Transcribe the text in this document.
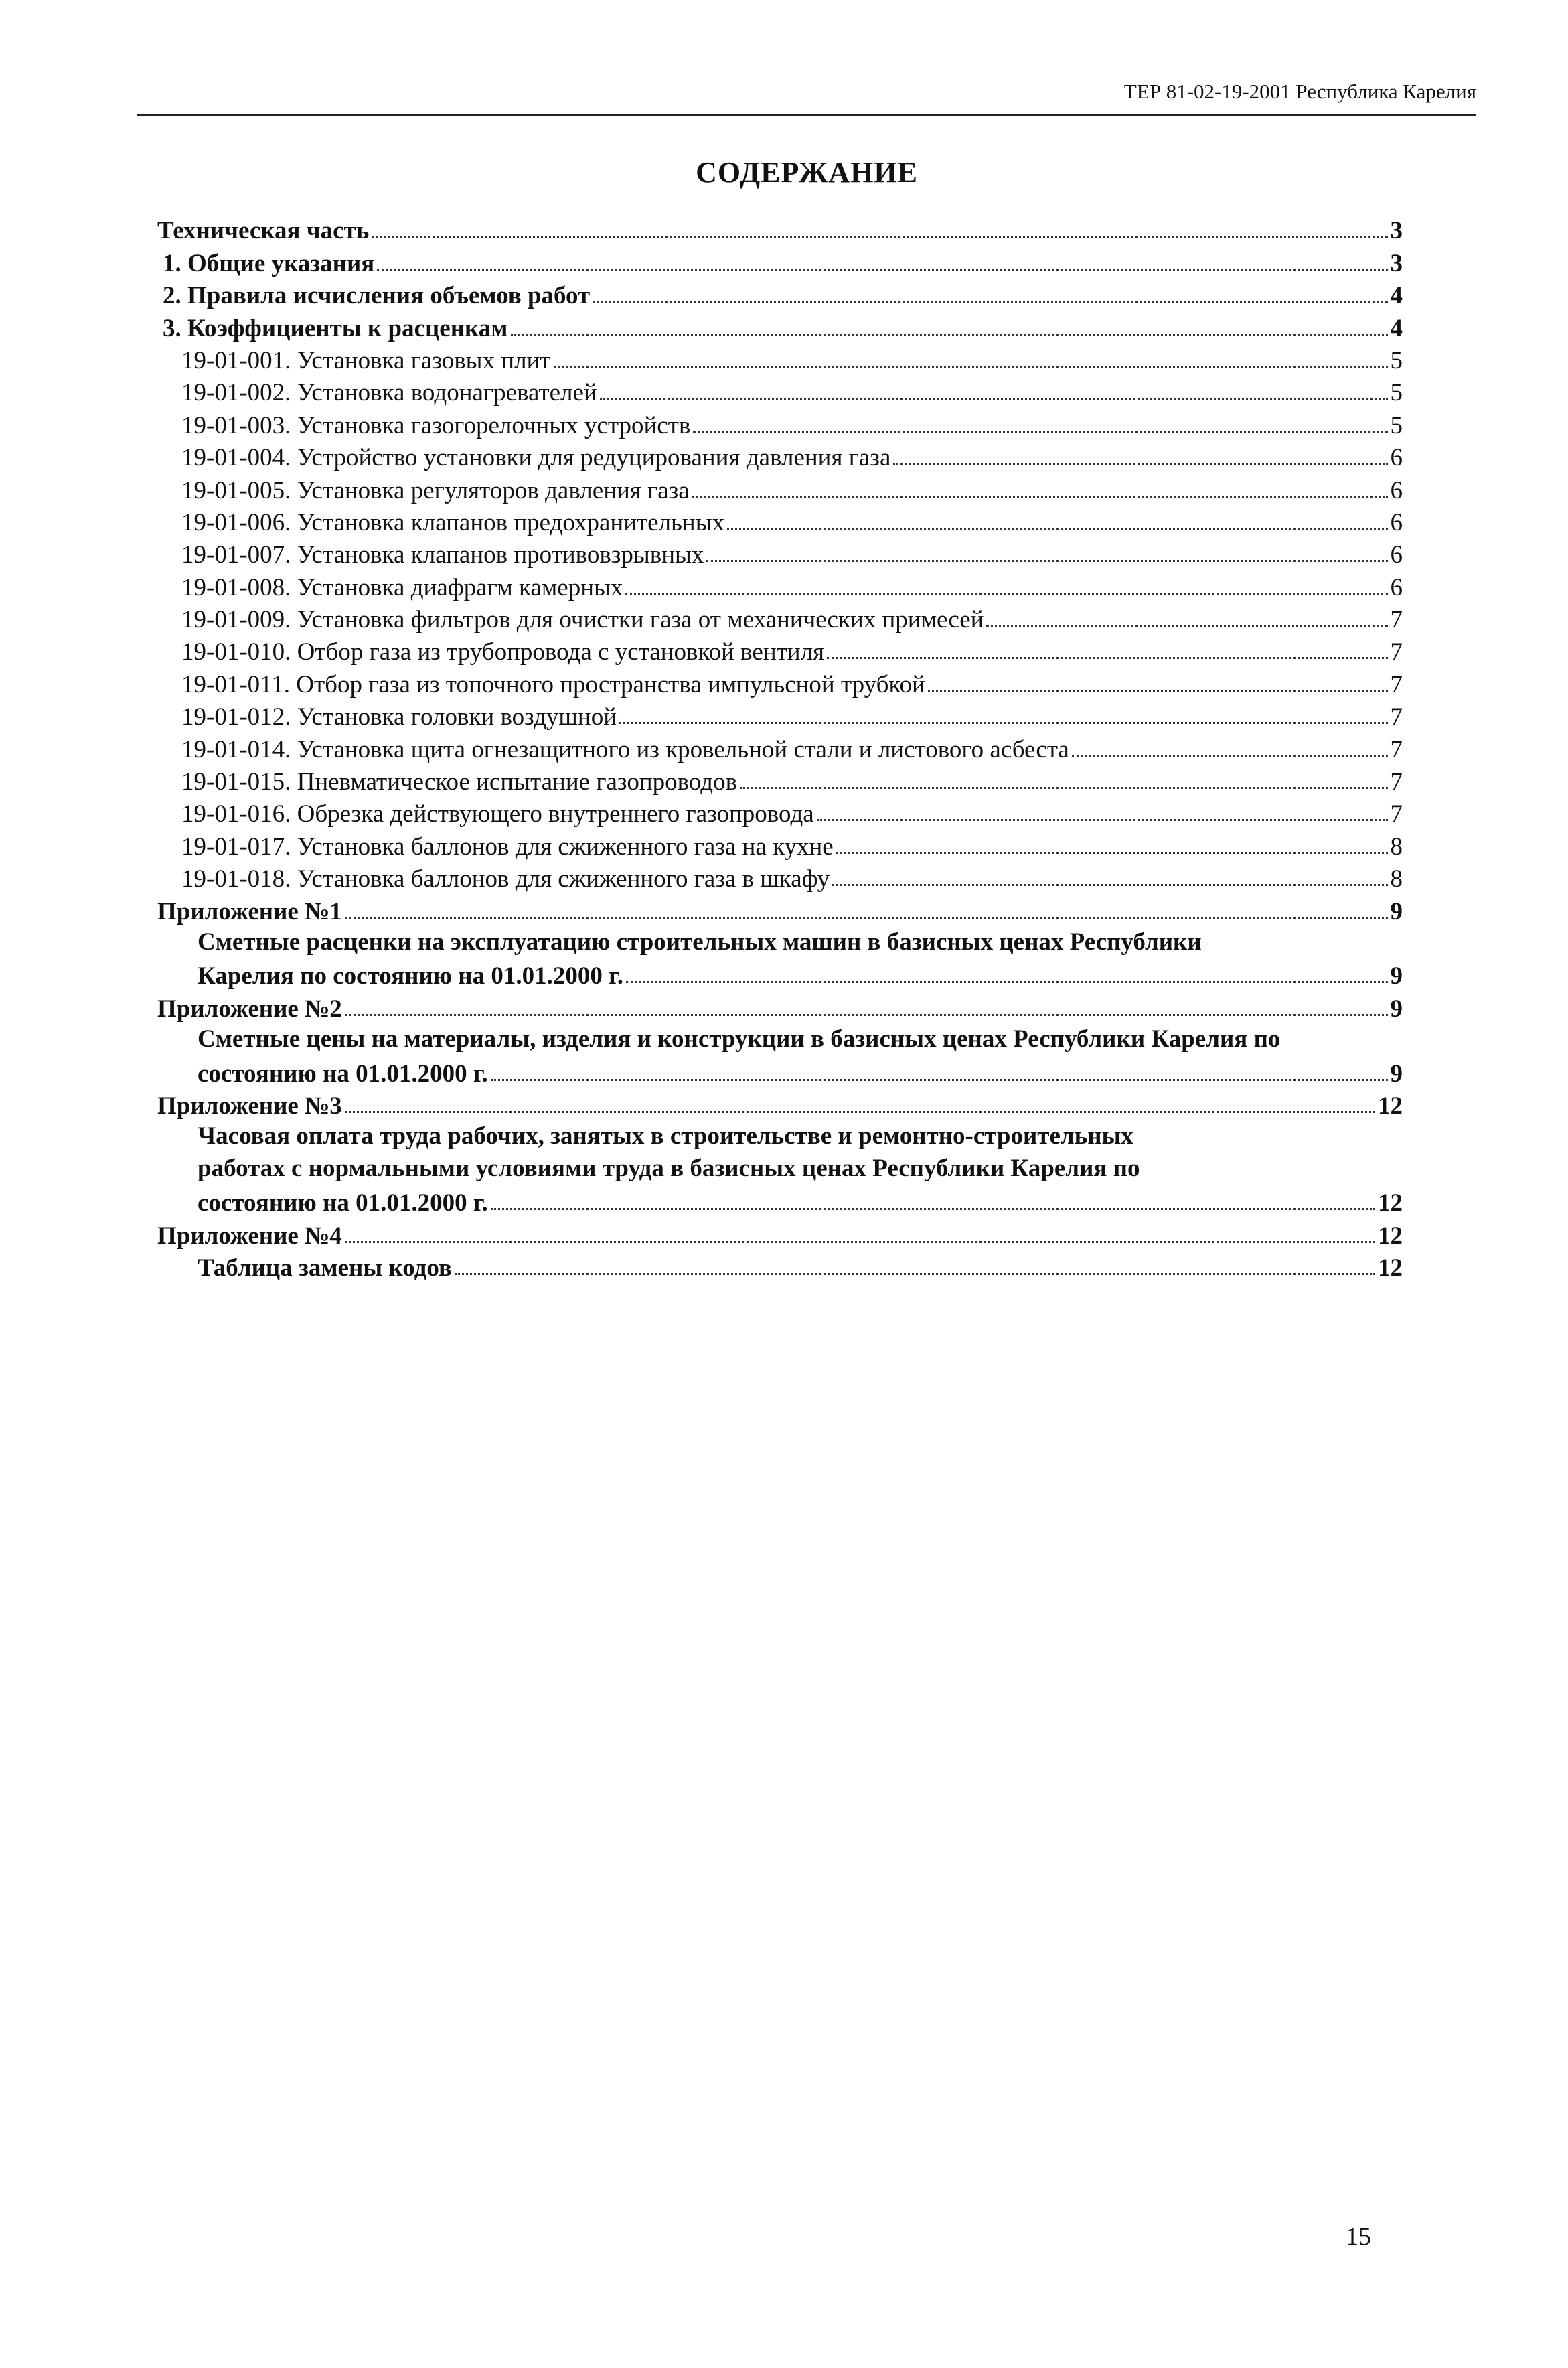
ТЕР 81-02-19-2001 Республика Карелия
СОДЕРЖАНИЕ
Техническая часть	3
1. Общие указания	3
2. Правила исчисления объемов работ	4
3. Коэффициенты к расценкам	4
19-01-001. Установка газовых плит	5
19-01-002. Установка водонагревателей	5
19-01-003. Установка газогорелочных устройств	5
19-01-004. Устройство установки для редуцирования давления газа	6
19-01-005. Установка регуляторов давления газа	6
19-01-006. Установка клапанов предохранительных	6
19-01-007. Установка клапанов противовзрывных	6
19-01-008. Установка диафрагм камерных	6
19-01-009. Установка фильтров для очистки газа от механических примесей	7
19-01-010. Отбор газа из трубопровода с установкой вентиля	7
19-01-011. Отбор газа из топочного пространства импульсной трубкой	7
19-01-012. Установка головки воздушной	7
19-01-014. Установка щита огнезащитного из кровельной стали и листового асбеста	7
19-01-015. Пневматическое испытание газопроводов	7
19-01-016. Обрезка действующего внутреннего газопровода	7
19-01-017. Установка баллонов для сжиженного газа на кухне	8
19-01-018. Установка баллонов для сжиженного газа в шкафу	8
Приложение №1	9
Сметные расценки на эксплуатацию строительных машин в базисных ценах Республики
Карелия по состоянию на 01.01.2000 г.	9
Приложение №2	9
Сметные цены на материалы, изделия и конструкции в базисных ценах Республики Карелия по
состоянию на 01.01.2000 г.	9
Приложение №3	12
Часовая оплата труда рабочих, занятых в строительстве и ремонтно-строительных
работах с нормальными условиями труда в базисных ценах Республики Карелия по
состоянию на 01.01.2000 г.	12
Приложение №4	12
Таблица замены кодов	12
15
